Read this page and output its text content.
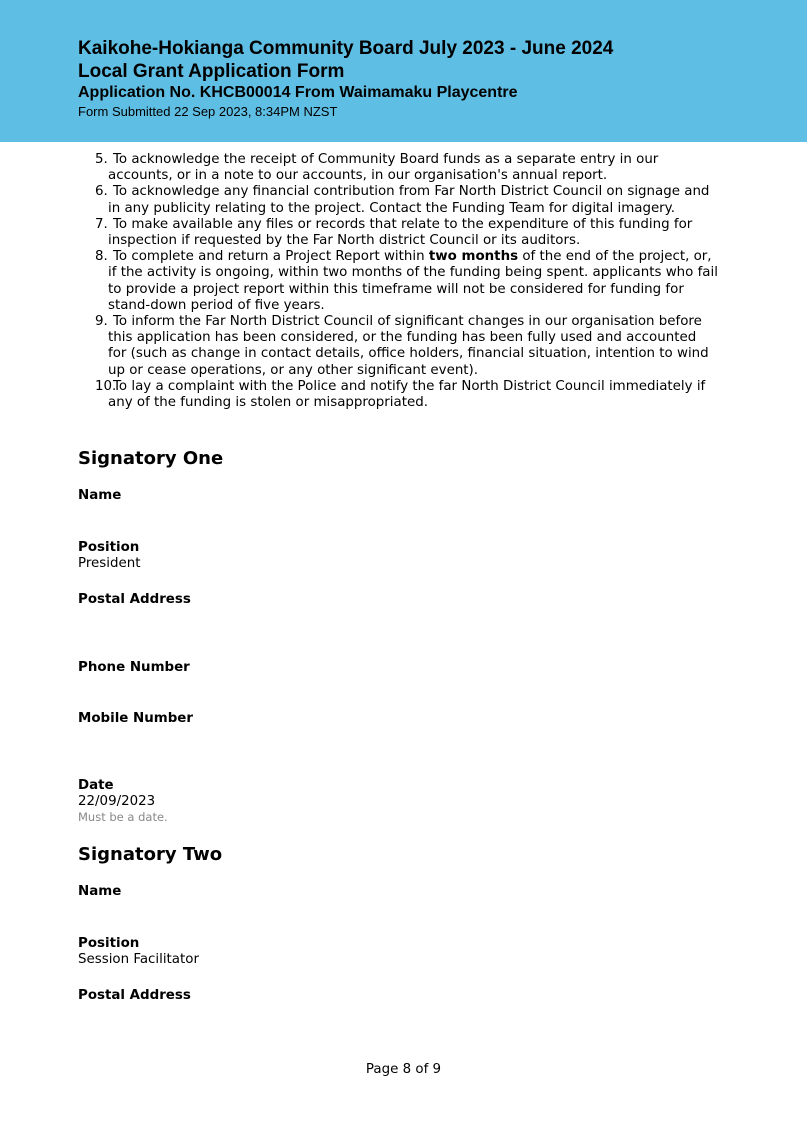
Kaikohe-Hokianga Community Board July 2023 - June 2024
Local Grant Application Form
Application No. KHCB00014 From Waimamaku Playcentre
Form Submitted 22 Sep 2023, 8:34PM NZST
5. To acknowledge the receipt of Community Board funds as a separate entry in our accounts, or in a note to our accounts, in our organisation's annual report.
6. To acknowledge any financial contribution from Far North District Council on signage and in any publicity relating to the project. Contact the Funding Team for digital imagery.
7. To make available any files or records that relate to the expenditure of this funding for inspection if requested by the Far North district Council or its auditors.
8. To complete and return a Project Report within two months of the end of the project, or, if the activity is ongoing, within two months of the funding being spent. applicants who fail to provide a project report within this timeframe will not be considered for funding for stand-down period of five years.
9. To inform the Far North District Council of significant changes in our organisation before this application has been considered, or the funding has been fully used and accounted for (such as change in contact details, office holders, financial situation, intention to wind up or cease operations, or any other significant event).
10.
To lay a complaint with the Police and notify the far North District Council immediately if any of the funding is stolen or misappropriated.
Signatory One
Name
Position
President
Postal Address
Phone Number
Mobile Number
Date
22/09/2023
Must be a date.
Signatory Two
Name
Position
Session Facilitator
Postal Address
Page 8 of 9
